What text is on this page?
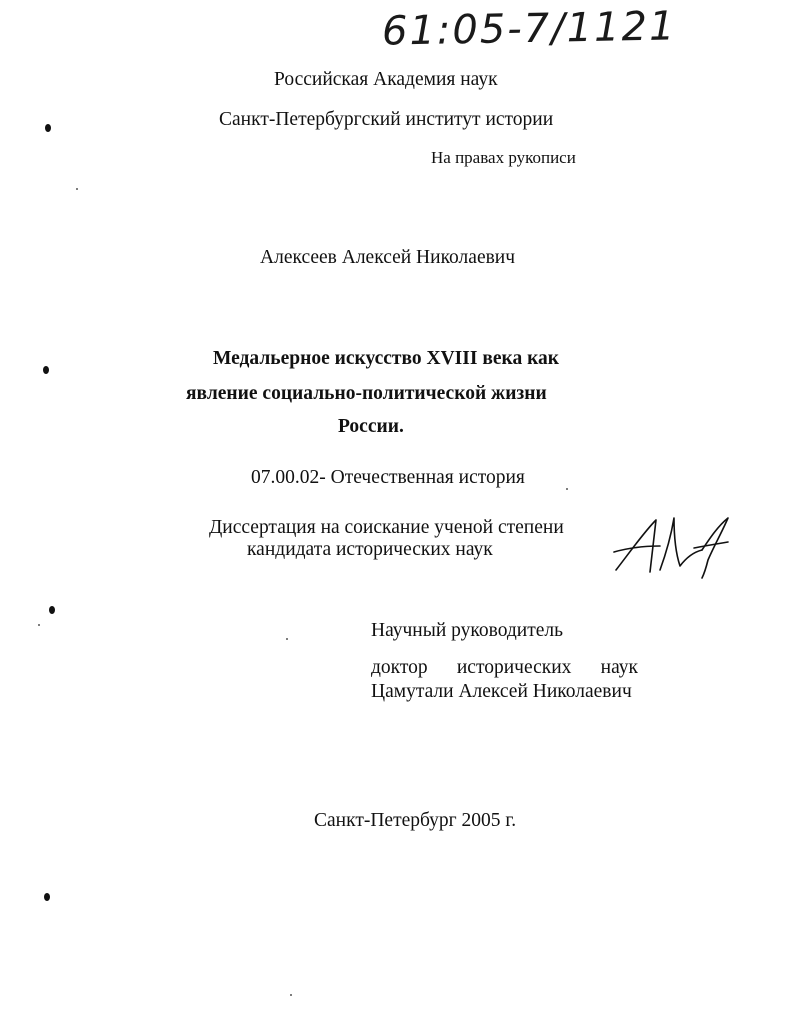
61:05-7/1121
Российская Академия наук
Санкт-Петербургский институт истории
На правах рукописи
Алексеев Алексей Николаевич
Медальерное искусство XVIII века как
явление социально-политической жизни
России.
07.00.02- Отечественная история
Диссертация на соискание ученой степени
кандидата исторических наук
Научный руководитель
доктор исторических наук
Цамутали Алексей Николаевич
Санкт-Петербург 2005 г.
